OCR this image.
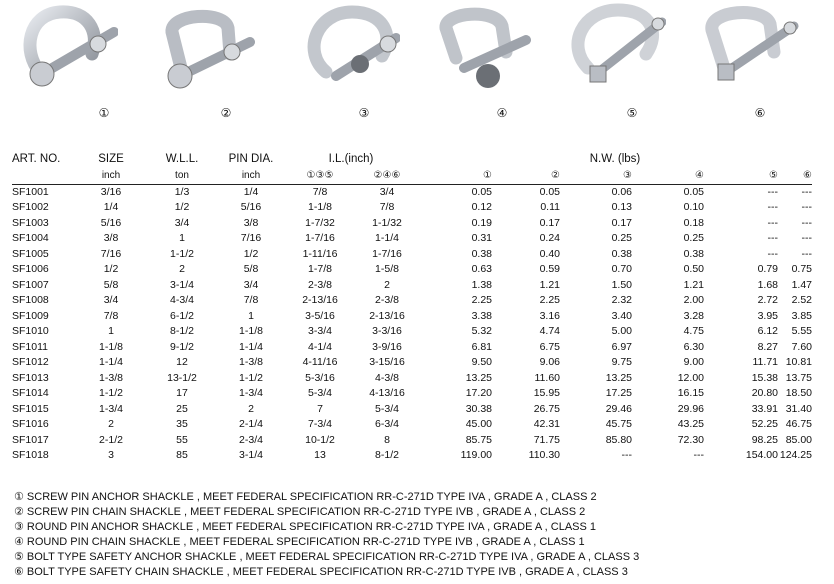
①	②	③	④	⑤	⑥
ART. NO.	SIZE	W.L.L.	PIN DIA.	I.L.(inch)		N.W. (lbs)					
	inch	ton	inch	①③⑤	②④⑥	①	②	③	④	⑤	⑥
SF1001	3/16	1/3	1/4	7/8	3/4	0.05	0.05	0.06	0.05	---	---
SF1002	1/4	1/2	5/16	1-1/8	7/8	0.12	0.11	0.13	0.10	---	---
SF1003	5/16	3/4	3/8	1-7/32	1-1/32	0.19	0.17	0.17	0.18	---	---
SF1004	3/8	1	7/16	1-7/16	1-1/4	0.31	0.24	0.25	0.25	---	---
SF1005	7/16	1-1/2	1/2	1-11/16	1-7/16	0.38	0.40	0.38	0.38	---	---
SF1006	1/2	2	5/8	1-7/8	1-5/8	0.63	0.59	0.70	0.50	0.79	0.75
SF1007	5/8	3-1/4	3/4	2-3/8	2	1.38	1.21	1.50	1.21	1.68	1.47
SF1008	3/4	4-3/4	7/8	2-13/16	2-3/8	2.25	2.25	2.32	2.00	2.72	2.52
SF1009	7/8	6-1/2	1	3-5/16	2-13/16	3.38	3.16	3.40	3.28	3.95	3.85
SF1010	1	8-1/2	1-1/8	3-3/4	3-3/16	5.32	4.74	5.00	4.75	6.12	5.55
SF1011	1-1/8	9-1/2	1-1/4	4-1/4	3-9/16	6.81	6.75	6.97	6.30	8.27	7.60
SF1012	1-1/4	12	1-3/8	4-11/16	3-15/16	9.50	9.06	9.75	9.00	11.71	10.81
SF1013	1-3/8	13-1/2	1-1/2	5-3/16	4-3/8	13.25	11.60	13.25	12.00	15.38	13.75
SF1014	1-1/2	17	1-3/4	5-3/4	4-13/16	17.20	15.95	17.25	16.15	20.80	18.50
SF1015	1-3/4	25	2	7	5-3/4	30.38	26.75	29.46	29.96	33.91	31.40
SF1016	2	35	2-1/4	7-3/4	6-3/4	45.00	42.31	45.75	43.25	52.25	46.75
SF1017	2-1/2	55	2-3/4	10-1/2	8	85.75	71.75	85.80	72.30	98.25	85.00
SF1018	3	85	3-1/4	13	8-1/2	119.00	110.30	---	---	154.00	124.25
① SCREW PIN ANCHOR SHACKLE , MEET FEDERAL SPECIFICATION RR-C-271D TYPE IVA , GRADE A , CLASS 2
② SCREW PIN CHAIN SHACKLE , MEET FEDERAL SPECIFICATION RR-C-271D TYPE IVB , GRADE A , CLASS 2
③ ROUND PIN ANCHOR SHACKLE , MEET FEDERAL SPECIFICATION RR-C-271D TYPE IVA , GRADE A , CLASS 1
④ ROUND PIN CHAIN SHACKLE , MEET FEDERAL SPECIFICATION RR-C-271D TYPE IVB , GRADE A , CLASS 1
⑤ BOLT TYPE SAFETY ANCHOR SHACKLE , MEET FEDERAL SPECIFICATION RR-C-271D TYPE IVA , GRADE A , CLASS 3
⑥ BOLT TYPE SAFETY CHAIN SHACKLE , MEET FEDERAL SPECIFICATION RR-C-271D TYPE IVB , GRADE A , CLASS 3
